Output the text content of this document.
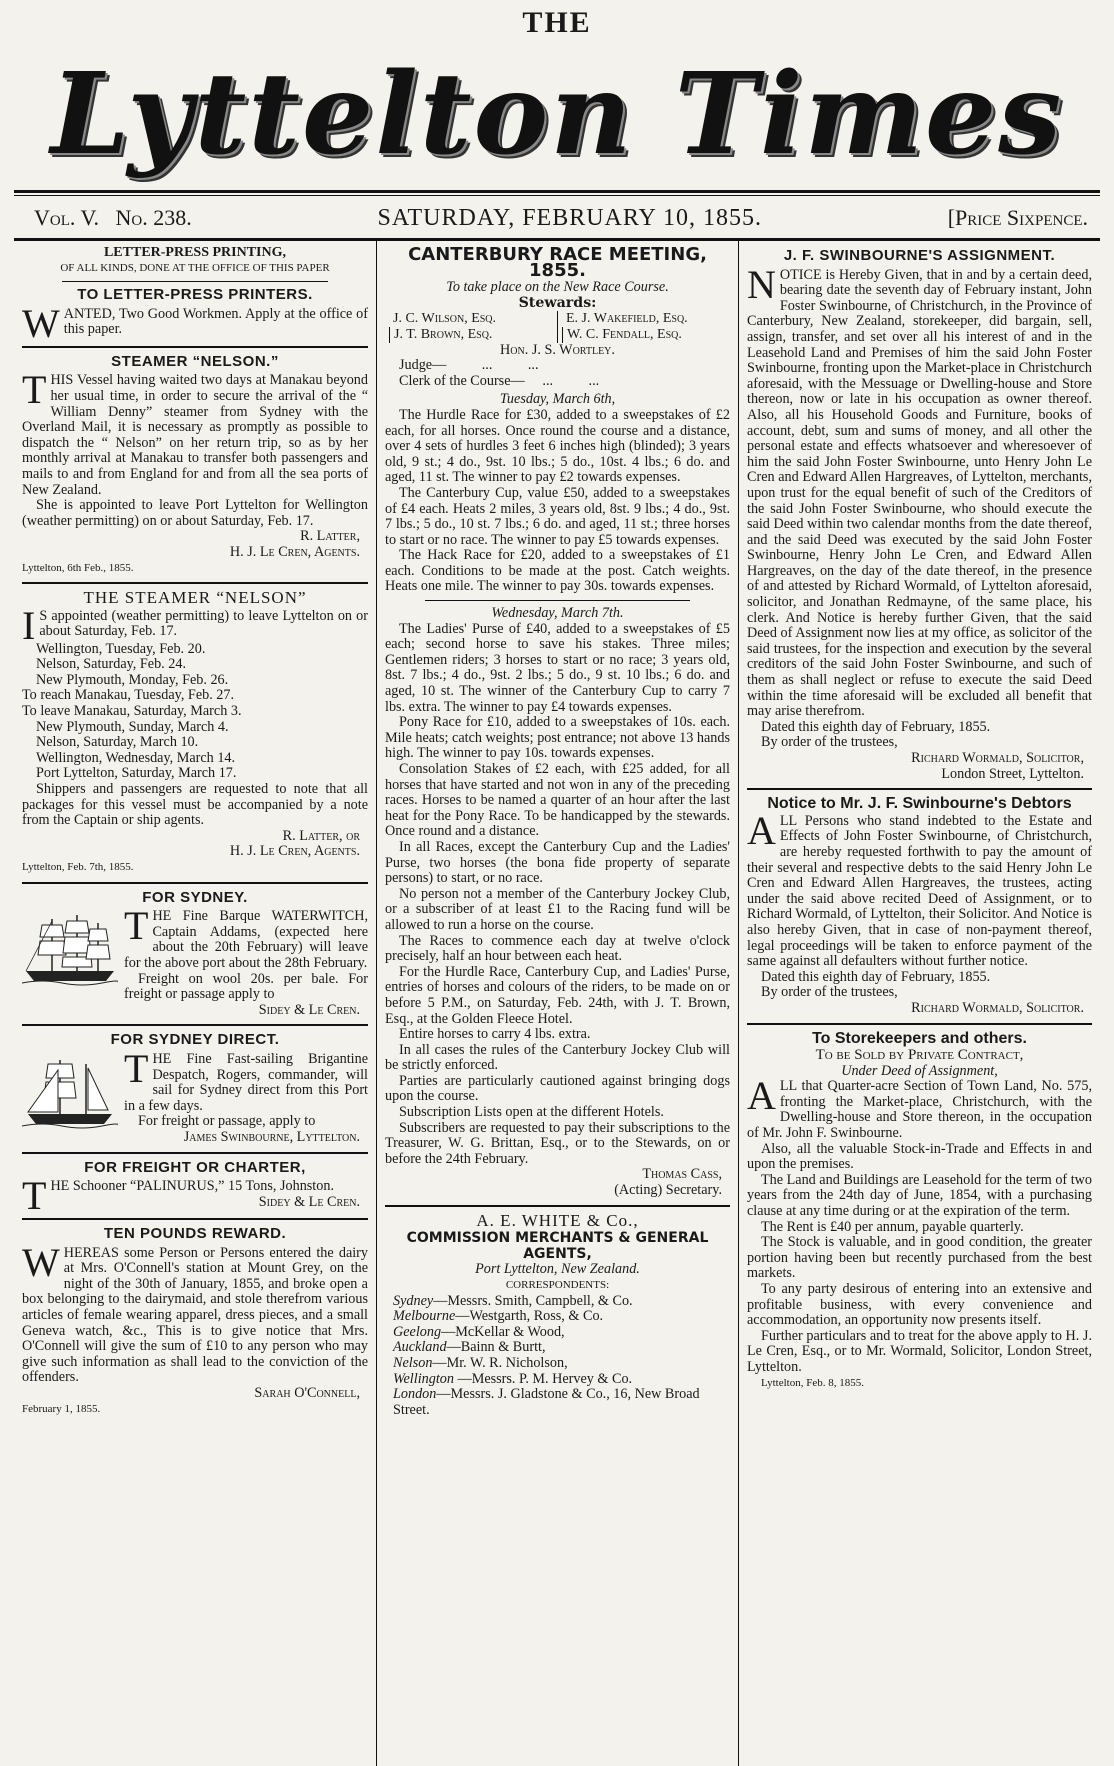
THE
Lyttelton Times
Vol. V. No. 238.	SATURDAY, FEBRUARY 10, 1855.	[Price Sixpence.
LETTER-PRESS PRINTING,
OF ALL KINDS, DONE AT THE OFFICE OF THIS PAPER
TO LETTER-PRESS PRINTERS.

WANTED, Two Good Workmen. Apply at the office of this paper.

STEAMER “NELSON.”

THIS Vessel having waited two days at Manakau beyond her usual time, in order to secure the arrival of the “ William Denny” steamer from Sydney with the Overland Mail, it is necessary as promptly as possible to dispatch the “ Nelson” on her return trip, so as by her monthly arrival at Manakau to transfer both passengers and mails to and from England for and from all the sea ports of New Zealand.

She is appointed to leave Port Lyttelton for Wellington (weather permitting) on or about Saturday, Feb. 17.

R. Latter,
H. J. Le Cren, Agents.
Lyttelton, 6th Feb., 1855.
THE STEAMER “NELSON”

I S appointed (weather permitting) to leave Lyttelton on or about Saturday, Feb. 17.

Wellington, Tuesday, Feb. 20.
Nelson, Saturday, Feb. 24.
New Plymouth, Monday, Feb. 26.
To reach Manakau, Tuesday, Feb. 27.
To leave Manakau, Saturday, March 3.
New Plymouth, Sunday, March 4.
Nelson, Saturday, March 10.
Wellington, Wednesday, March 14.
Port Lyttelton, Saturday, March 17.

Shippers and passengers are requested to note that all packages for this vessel must be accompanied by a note from the Captain or ship agents.

R. Latter, or
H. J. Le Cren, Agents.
Lyttelton, Feb. 7th, 1855.
FOR SYDNEY.

THE Fine Barque WATERWITCH, Captain Addams, (expected here about the 20th February) will leave for the above port about the 28th February.

Freight on wool 20s. per bale. For freight or passage apply to

Sidey & Le Cren.
FOR SYDNEY DIRECT.

THE Fine Fast-sailing Brigantine Despatch, Rogers, commander, will sail for Sydney direct from this Port in a few days.

For freight or passage, apply to

James Swinbourne, Lyttelton.
FOR FREIGHT OR CHARTER,

THE Schooner “PALINURUS,” 15 Tons, Johnston.

Sidey & Le Cren.
TEN POUNDS REWARD.

WHEREAS some Person or Persons entered the dairy at Mrs. O'Connell's station at Mount Grey, on the night of the 30th of January, 1855, and broke open a box belonging to the dairymaid, and stole therefrom various articles of female wearing apparel, dress pieces, and a small Geneva watch, &c., This is to give notice that Mrs. O'Connell will give the sum of £10 to any person who may give such information as shall lead to the conviction of the offenders.

Sarah O'Connell,
February 1, 1855.
CANTERBURY RACE MEETING, 1855.
To take place on the New Race Course.
Stewards:
J. C. Wilson, Esq.
J. T. Brown, Esq.
E. J. Wakefield, Esq.
W. C. Fendall, Esq.
Hon. J. S. Wortley.
Judge—          ...          ...
Clerk of the Course—     ...          ...
Tuesday, March 6th,

The Hurdle Race for £30, added to a sweepstakes of £2 each, for all horses. Once round the course and a distance, over 4 sets of hurdles 3 feet 6 inches high (blinded); 3 years old, 9 st.; 4 do., 9st. 10 lbs.; 5 do., 10st. 4 lbs.; 6 do. and aged, 11 st. The winner to pay £2 towards expenses.

The Canterbury Cup, value £50, added to a sweepstakes of £4 each. Heats 2 miles, 3 years old, 8st. 9 lbs.; 4 do., 9st. 7 lbs.; 5 do., 10 st. 7 lbs.; 6 do. and aged, 11 st.; three horses to start or no race. The winner to pay £5 towards expenses.

The Hack Race for £20, added to a sweepstakes of £1 each. Conditions to be made at the post. Catch weights. Heats one mile. The winner to pay 30s. towards expenses.

Wednesday, March 7th.

The Ladies' Purse of £40, added to a sweepstakes of £5 each; second horse to save his stakes. Three miles; Gentlemen riders; 3 horses to start or no race; 3 years old, 8st. 7 lbs.; 4 do., 9st. 2 lbs.; 5 do., 9 st. 10 lbs.; 6 do. and aged, 10 st. The winner of the Canterbury Cup to carry 7 lbs. extra. The winner to pay £4 towards expenses.

Pony Race for £10, added to a sweepstakes of 10s. each. Mile heats; catch weights; post entrance; not above 13 hands high. The winner to pay 10s. towards expenses.

Consolation Stakes of £2 each, with £25 added, for all horses that have started and not won in any of the preceding races. Horses to be named a quarter of an hour after the last heat for the Pony Race. To be handicapped by the stewards. Once round and a distance.

In all Races, except the Canterbury Cup and the Ladies' Purse, two horses (the bona fide property of separate persons) to start, or no race.

No person not a member of the Canterbury Jockey Club, or a subscriber of at least £1 to the Racing fund will be allowed to run a horse on the course.

The Races to commence each day at twelve o'clock precisely, half an hour between each heat.

For the Hurdle Race, Canterbury Cup, and Ladies' Purse, entries of horses and colours of the riders, to be made on or before 5 P.M., on Saturday, Feb. 24th, with J. T. Brown, Esq., at the Golden Fleece Hotel.

Entire horses to carry 4 lbs. extra.

In all cases the rules of the Canterbury Jockey Club will be strictly enforced.

Parties are particularly cautioned against bringing dogs upon the course.

Subscription Lists open at the different Hotels.

Subscribers are requested to pay their subscriptions to the Treasurer, W. G. Brittan, Esq., or to the Stewards, on or before the 24th February.

Thomas Cass,
(Acting) Secretary.
A. E. WHITE & Co.,
COMMISSION MERCHANTS & GENERAL AGENTS,
Port Lyttelton, New Zealand.
CORRESPONDENTS:
Sydney—Messrs. Smith, Campbell, & Co.
Melbourne—Westgarth, Ross, & Co.
Geelong—McKellar & Wood,
Auckland—Bainn & Burtt,
Nelson—Mr. W. R. Nicholson,
Wellington —Messrs. P. M. Hervey & Co.
London—Messrs. J. Gladstone & Co., 16, New Broad Street.
J. F. SWINBOURNE'S ASSIGNMENT.

NOTICE is Hereby Given, that in and by a certain deed, bearing date the seventh day of February instant, John Foster Swinbourne, of Christchurch, in the Province of Canterbury, New Zealand, storekeeper, did bargain, sell, assign, transfer, and set over all his interest of and in the Leasehold Land and Premises of him the said John Foster Swinbourne, fronting upon the Market-place in Christchurch aforesaid, with the Messuage or Dwelling-house and Store thereon, now or late in his occupation as owner thereof. Also, all his Household Goods and Furniture, books of account, debt, sum and sums of money, and all other the personal estate and effects whatsoever and wheresoever of him the said John Foster Swinbourne, unto Henry John Le Cren and Edward Allen Hargreaves, of Lyttelton, merchants, upon trust for the equal benefit of such of the Creditors of the said John Foster Swinbourne, who should execute the said Deed within two calendar months from the date thereof, and the said Deed was executed by the said John Foster Swinbourne, Henry John Le Cren, and Edward Allen Hargreaves, on the day of the date thereof, in the presence of and attested by Richard Wormald, of Lyttelton aforesaid, solicitor, and Jonathan Redmayne, of the same place, his clerk. And Notice is hereby further Given, that the said Deed of Assignment now lies at my office, as solicitor of the said trustees, for the inspection and execution by the several creditors of the said John Foster Swinbourne, and such of them as shall neglect or refuse to execute the said Deed within the time aforesaid will be excluded all benefit that may arise therefrom.

Dated this eighth day of February, 1855.

By order of the trustees,

Richard Wormald, Solicitor,
London Street, Lyttelton.
Notice to Mr. J. F. Swinbourne's Debtors

ALL Persons who stand indebted to the Estate and Effects of John Foster Swinbourne, of Christchurch, are hereby requested forthwith to pay the amount of their several and respective debts to the said Henry John Le Cren and Edward Allen Hargreaves, the trustees, acting under the said above recited Deed of Assignment, or to Richard Wormald, of Lyttelton, their Solicitor. And Notice is also hereby Given, that in case of non-payment thereof, legal proceedings will be taken to enforce payment of the same against all defaulters without further notice.

Dated this eighth day of February, 1855.

By order of the trustees,

Richard Wormald, Solicitor.
To Storekeepers and others.
To be Sold by Private Contract,
Under Deed of Assignment,

ALL that Quarter-acre Section of Town Land, No. 575, fronting the Market-place, Christchurch, with the Dwelling-house and Store thereon, in the occupation of Mr. John F. Swinbourne.

Also, all the valuable Stock-in-Trade and Effects in and upon the premises.

The Land and Buildings are Leasehold for the term of two years from the 24th day of June, 1854, with a purchasing clause at any time during or at the expiration of the term.

The Rent is £40 per annum, payable quarterly.

The Stock is valuable, and in good condition, the greater portion having been but recently purchased from the best markets.

To any party desirous of entering into an extensive and profitable business, with every convenience and accommodation, an opportunity now presents itself.

Further particulars and to treat for the above apply to H. J. Le Cren, Esq., or to Mr. Wormald, Solicitor, London Street, Lyttelton.

Lyttelton, Feb. 8, 1855.
